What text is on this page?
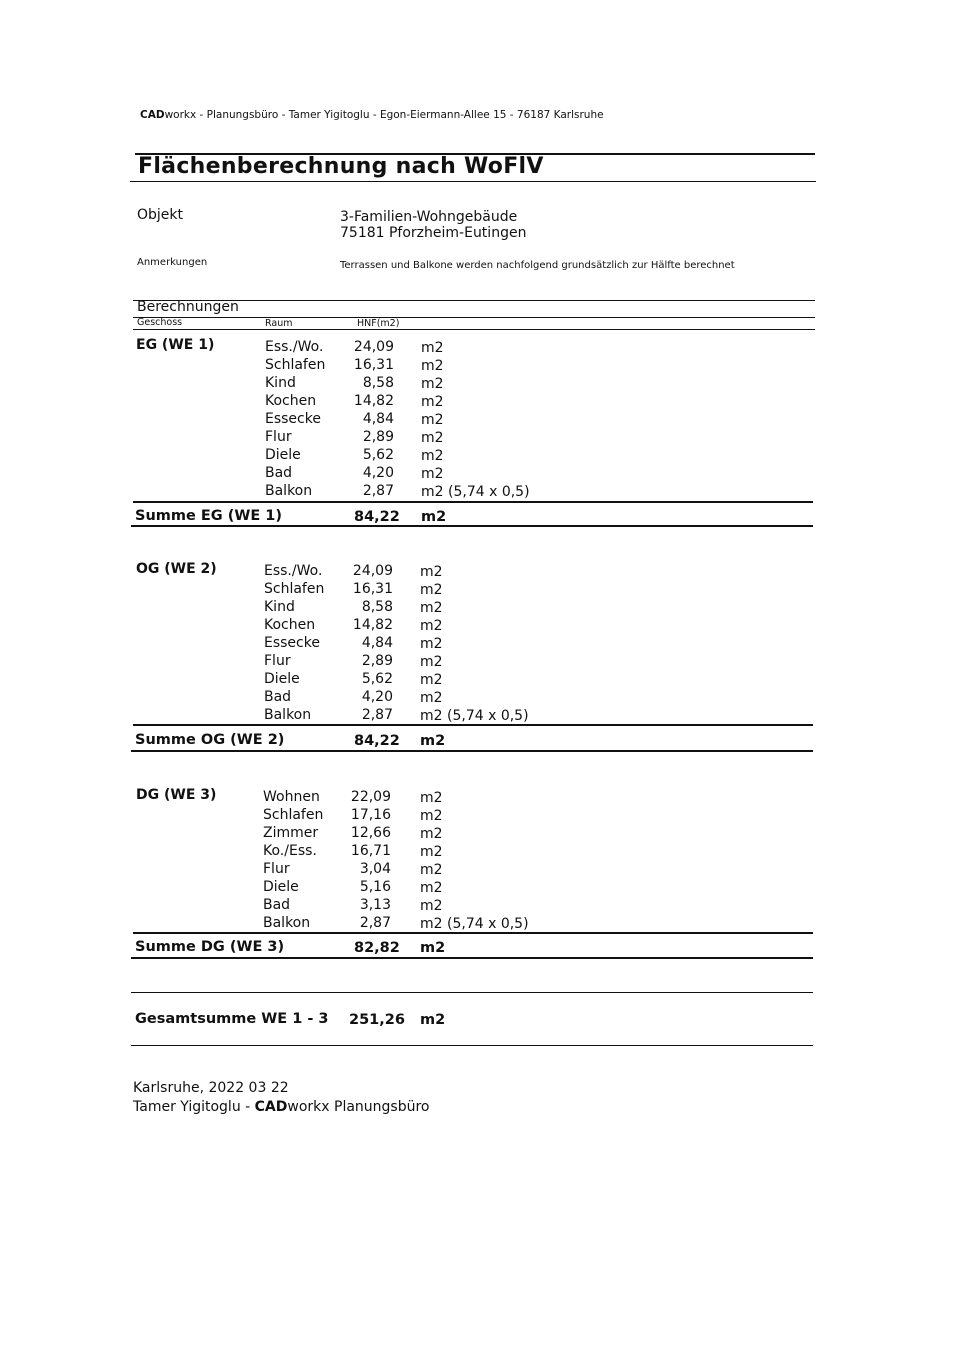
CADworkx - Planungsbüro - Tamer Yigitoglu - Egon-Eiermann-Allee 15 - 76187 Karlsruhe
Flächenberechnung nach WoFlV
Objekt	3-Familien-Wohngebäude
75181 Pforzheim-Eutingen
Anmerkungen	Terrassen und Balkone werden nachfolgend grundsätzlich zur Hälfte berechnet
Berechnungen
Geschoss	Raum	HNF(m2)
EG (WE 1)	Ess./Wo.	24,09 m2
Schlafen	16,31 m2
Kind	8,58 m2
Kochen	14,82 m2
Essecke	4,84 m2
Flur	2,89 m2
Diele	5,62 m2
Bad	4,20 m2
Balkon	2,87 m2 (5,74 x 0,5)
Summe EG (WE 1)	84,22 m2
OG (WE 2)	Ess./Wo.	24,09 m2
Schlafen	16,31 m2
Kind	8,58 m2
Kochen	14,82 m2
Essecke	4,84 m2
Flur	2,89 m2
Diele	5,62 m2
Bad	4,20 m2
Balkon	2,87 m2 (5,74 x 0,5)
Summe OG (WE 2)	84,22 m2
DG (WE 3)	Wohnen	22,09 m2
Schlafen	17,16 m2
Zimmer	12,66 m2
Ko./Ess.	16,71 m2
Flur	3,04 m2
Diele	5,16 m2
Bad	3,13 m2
Balkon	2,87 m2 (5,74 x 0,5)
Summe DG (WE 3)	82,82 m2
Gesamtsumme WE 1 - 3 251,26 m2
Karlsruhe, 2022 03 22
Tamer Yigitoglu - CADworkx Planungsbüro
